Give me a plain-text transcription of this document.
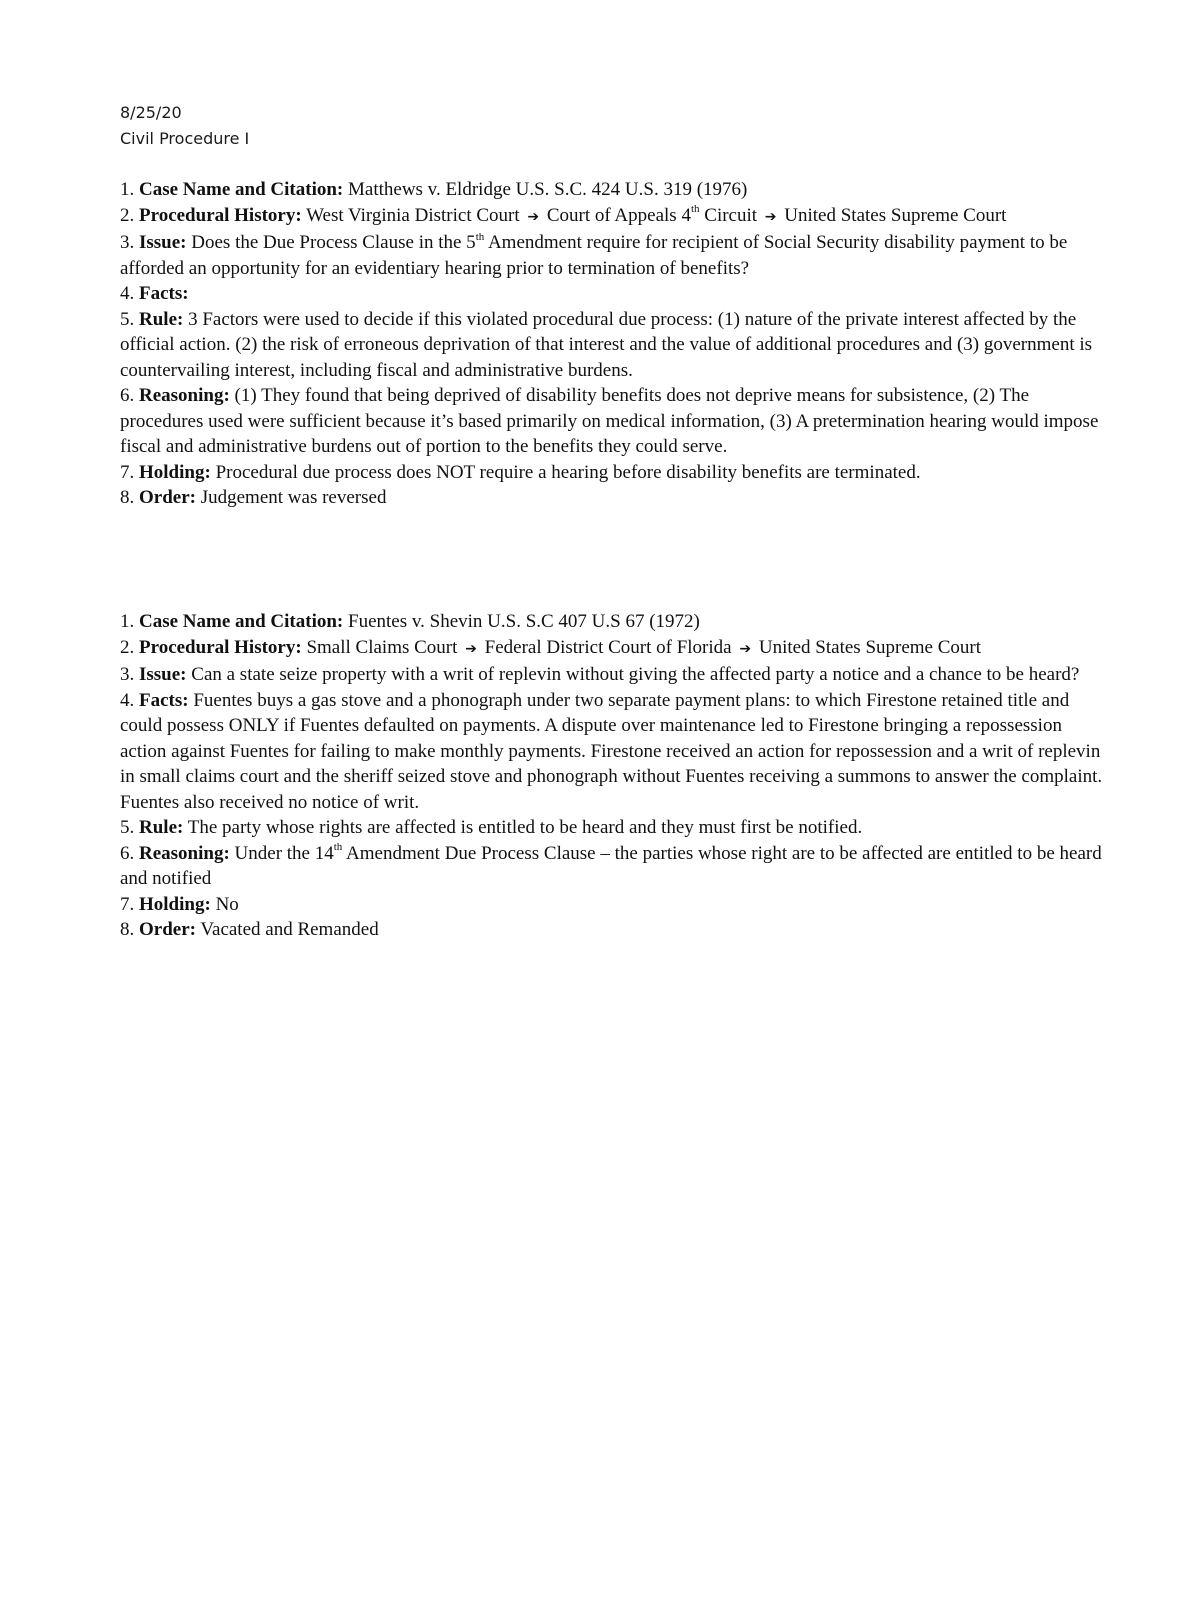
8/25/20
Civil Procedure I

1. Case Name and Citation: Matthews v. Eldridge U.S. S.C. 424 U.S. 319 (1976)

2. Procedural History: West Virginia District Court ➔ Court of Appeals 4th Circuit ➔ United States Supreme Court

3. Issue: Does the Due Process Clause in the 5th Amendment require for recipient of Social Security disability payment to be afforded an opportunity for an evidentiary hearing prior to termination of benefits?

4. Facts:

5. Rule: 3 Factors were used to decide if this violated procedural due process: (1) nature of the private interest affected by the official action. (2) the risk of erroneous deprivation of that interest and the value of additional procedures and (3) government is countervailing interest, including fiscal and administrative burdens.

6. Reasoning: (1) They found that being deprived of disability benefits does not deprive means for subsistence, (2) The procedures used were sufficient because it’s based primarily on medical information, (3) A pretermination hearing would impose fiscal and administrative burdens out of portion to the benefits they could serve.

7. Holding: Procedural due process does NOT require a hearing before disability benefits are terminated.

8. Order: Judgement was reversed

1. Case Name and Citation: Fuentes v. Shevin U.S. S.C 407 U.S 67 (1972)

2. Procedural History: Small Claims Court ➔ Federal District Court of Florida ➔ United States Supreme Court

3. Issue: Can a state seize property with a writ of replevin without giving the affected party a notice and a chance to be heard?

4. Facts: Fuentes buys a gas stove and a phonograph under two separate payment plans: to which Firestone retained title and could possess ONLY if Fuentes defaulted on payments. A dispute over maintenance led to Firestone bringing a repossession action against Fuentes for failing to make monthly payments. Firestone received an action for repossession and a writ of replevin in small claims court and the sheriff seized stove and phonograph without Fuentes receiving a summons to answer the complaint. Fuentes also received no notice of writ.

5. Rule: The party whose rights are affected is entitled to be heard and they must first be notified.

6. Reasoning: Under the 14th Amendment Due Process Clause – the parties whose right are to be affected are entitled to be heard and notified

7. Holding: No

8. Order: Vacated and Remanded
